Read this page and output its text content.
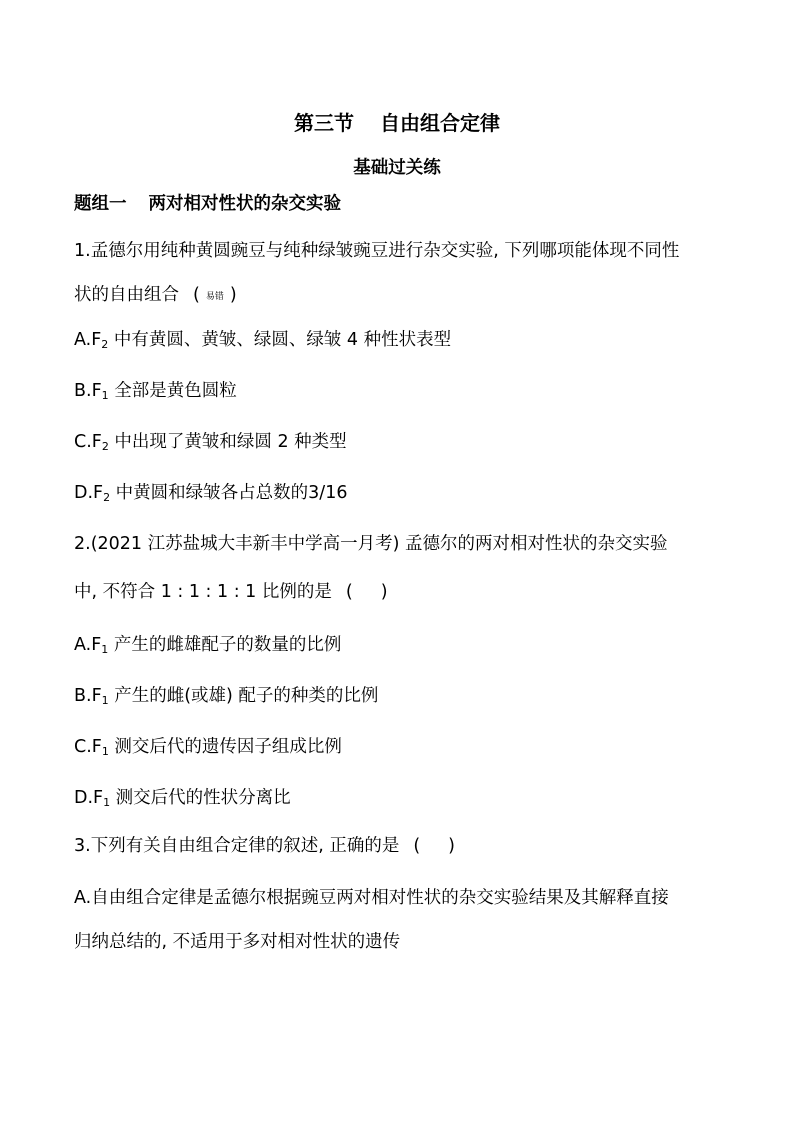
第三节 自由组合定律
基础过关练
题组一 两对相对性状的杂交实验
1.孟德尔用纯种黄圆豌豆与纯种绿皱豌豆进行杂交实验, 下列哪项能体现不同性
状的自由组合 ( 易错 )
$A.F_2$ 中有黄圆、黄皱、绿圆、绿皱 4 种性状表型
$B.F_1$ 全部是黄色圆粒
$C.F_2$ 中出现了黄皱和绿圆 2 种类型
$D.F_2$ 中黄圆和绿皱各占总数的3/16
2.(2021 江苏盐城大丰新丰中学高一月考) 孟德尔的两对相对性状的杂交实验
中, 不符合 1 : 1 : 1 : 1 比例的是 ( )
$A.F_1$ 产生的雌雄配子的数量的比例
$B.F_1$ 产生的雌(或雄) 配子的种类的比例
$C.F_1$ 测交后代的遗传因子组成比例
$D.F_1$ 测交后代的性状分离比
3.下列有关自由组合定律的叙述, 正确的是 ( )
A.自由组合定律是孟德尔根据豌豆两对相对性状的杂交实验结果及其解释直接
归纳总结的, 不适用于多对相对性状的遗传
